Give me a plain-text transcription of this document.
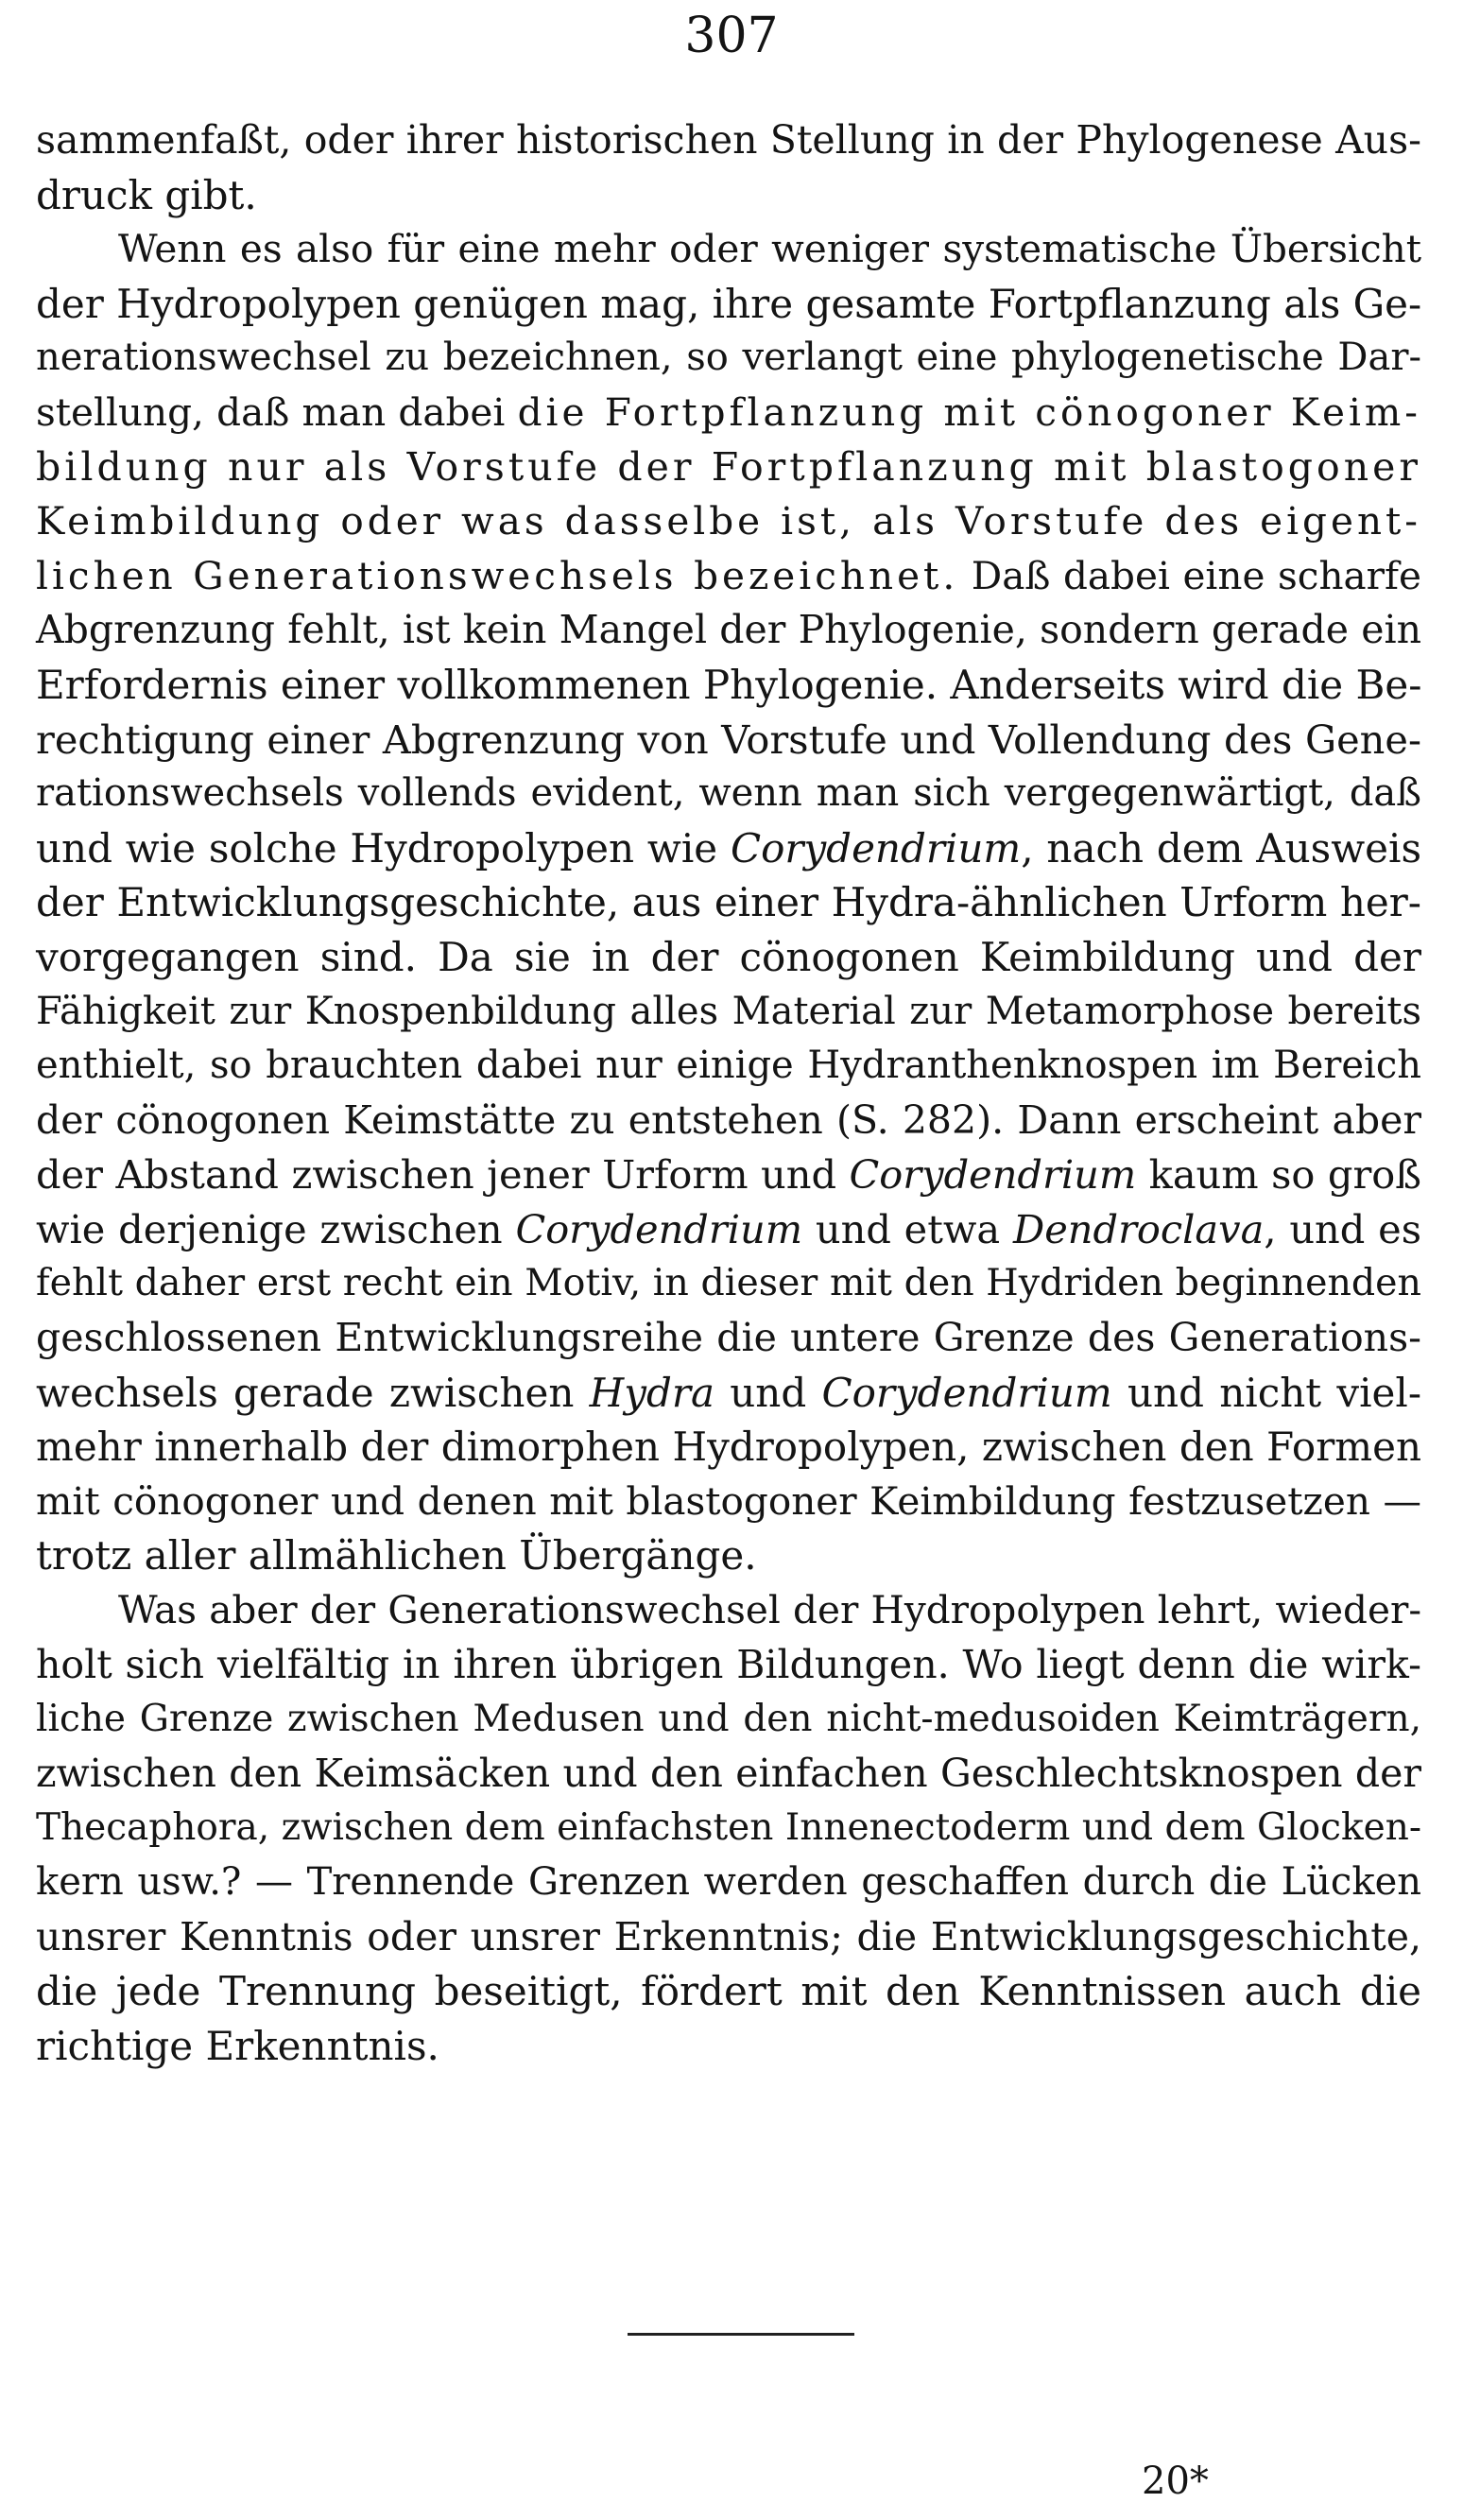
307
sammenfaßt, oder ihrer historischen Stellung in der Phylogenese Aus-
druck gibt.
Wenn es also für eine mehr oder weniger systematische Übersicht
der Hydropolypen genügen mag, ihre gesamte Fortpflanzung als Ge-
nerationswechsel zu bezeichnen, so verlangt eine phylogenetische Dar-
stellung, daß man dabei die Fortpflanzung mit cönogoner Keim-
bildung nur als Vorstufe der Fortpflanzung mit blastogoner
Keimbildung oder was dasselbe ist, als Vorstufe des eigent-
lichen Generationswechsels bezeichnet. Daß dabei eine scharfe
Abgrenzung fehlt, ist kein Mangel der Phylogenie, sondern gerade ein
Erfordernis einer vollkommenen Phylogenie. Anderseits wird die Be-
rechtigung einer Abgrenzung von Vorstufe und Vollendung des Gene-
rationswechsels vollends evident, wenn man sich vergegenwärtigt, daß
und wie solche Hydropolypen wie Corydendrium, nach dem Ausweis
der Entwicklungsgeschichte, aus einer Hydra-ähnlichen Urform her-
vorgegangen sind. Da sie in der cönogonen Keimbildung und der
Fähigkeit zur Knospenbildung alles Material zur Metamorphose bereits
enthielt, so brauchten dabei nur einige Hydranthenknospen im Bereich
der cönogonen Keimstätte zu entstehen (S. 282). Dann erscheint aber
der Abstand zwischen jener Urform und Corydendrium kaum so groß
wie derjenige zwischen Corydendrium und etwa Dendroclava, und es
fehlt daher erst recht ein Motiv, in dieser mit den Hydriden beginnenden
geschlossenen Entwicklungsreihe die untere Grenze des Generations-
wechsels gerade zwischen Hydra und Corydendrium und nicht viel-
mehr innerhalb der dimorphen Hydropolypen, zwischen den Formen
mit cönogoner und denen mit blastogoner Keimbildung festzusetzen —
trotz aller allmählichen Übergänge.
Was aber der Generationswechsel der Hydropolypen lehrt, wieder-
holt sich vielfältig in ihren übrigen Bildungen. Wo liegt denn die wirk-
liche Grenze zwischen Medusen und den nicht-medusoiden Keimträgern,
zwischen den Keimsäcken und den einfachen Geschlechtsknospen der
Thecaphora, zwischen dem einfachsten Innenectoderm und dem Glocken-
kern usw.? — Trennende Grenzen werden geschaffen durch die Lücken
unsrer Kenntnis oder unsrer Erkenntnis; die Entwicklungsgeschichte,
die jede Trennung beseitigt, fördert mit den Kenntnissen auch die
richtige Erkenntnis.
20*
